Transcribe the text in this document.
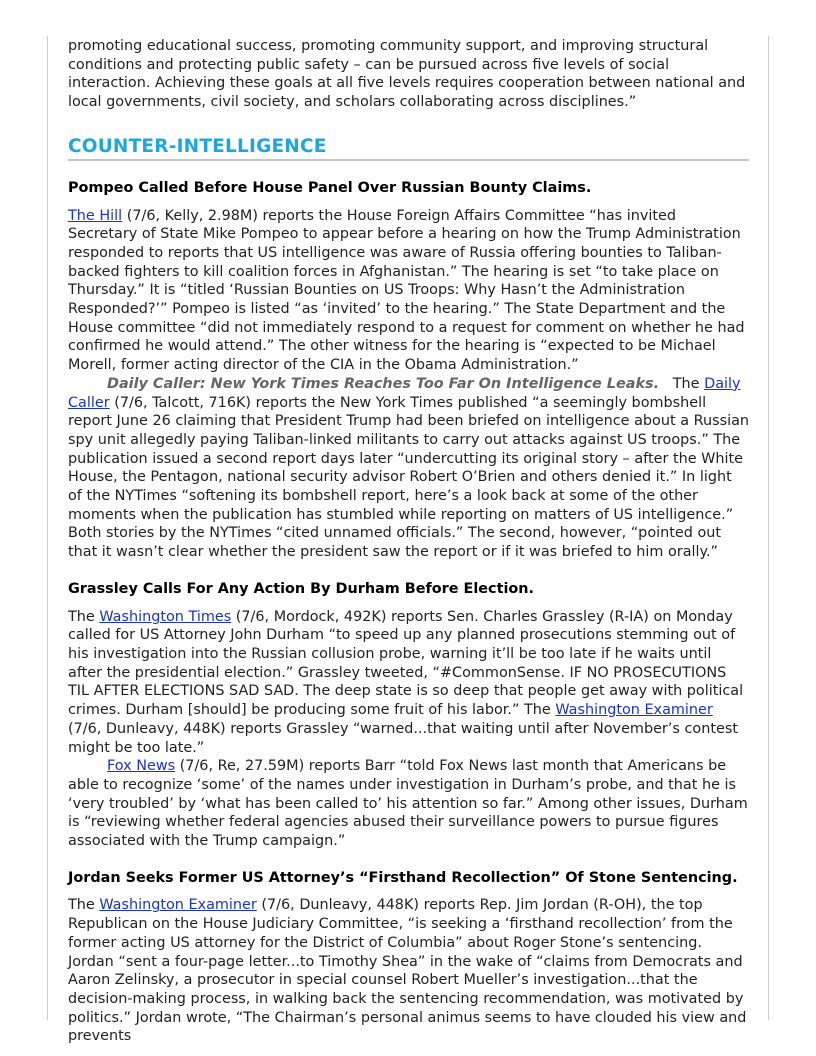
promoting educational success, promoting community support, and improving structural conditions and protecting public safety – can be pursued across five levels of social interaction. Achieving these goals at all five levels requires cooperation between national and local governments, civil society, and scholars collaborating across disciplines.”

COUNTER-INTELLIGENCE

Pompeo Called Before House Panel Over Russian Bounty Claims.

The Hill (7/6, Kelly, 2.98M) reports the House Foreign Affairs Committee “has invited Secretary of State Mike Pompeo to appear before a hearing on how the Trump Administration responded to reports that US intelligence was aware of Russia offering bounties to Taliban-backed fighters to kill coalition forces in Afghanistan.” The hearing is set “to take place on Thursday.” It is “titled ‘Russian Bounties on US Troops: Why Hasn’t the Administration Responded?’” Pompeo is listed “as ‘invited’ to the hearing.” The State Department and the House committee “did not immediately respond to a request for comment on whether he had confirmed he would attend.” The other witness for the hearing is “expected to be Michael Morell, former acting director of the CIA in the Obama Administration.”

Daily Caller: New York Times Reaches Too Far On Intelligence Leaks.   The Daily Caller (7/6, Talcott, 716K) reports the New York Times published “a seemingly bombshell report June 26 claiming that President Trump had been briefed on intelligence about a Russian spy unit allegedly paying Taliban-linked militants to carry out attacks against US troops.” The publication issued a second report days later “undercutting its original story – after the White House, the Pentagon, national security advisor Robert O’Brien and others denied it.” In light of the NYTimes “softening its bombshell report, here’s a look back at some of the other moments when the publication has stumbled while reporting on matters of US intelligence.” Both stories by the NYTimes “cited unnamed officials.” The second, however, “pointed out that it wasn’t clear whether the president saw the report or if it was briefed to him orally.”

Grassley Calls For Any Action By Durham Before Election.

The Washington Times (7/6, Mordock, 492K) reports Sen. Charles Grassley (R-IA) on Monday called for US Attorney John Durham “to speed up any planned prosecutions stemming out of his investigation into the Russian collusion probe, warning it’ll be too late if he waits until after the presidential election.” Grassley tweeted, “#CommonSense. IF NO PROSECUTIONS TIL AFTER ELECTIONS SAD SAD. The deep state is so deep that people get away with political crimes. Durham [should] be producing some fruit of his labor.” The Washington Examiner (7/6, Dunleavy, 448K) reports Grassley “warned...that waiting until after November’s contest might be too late.”

Fox News (7/6, Re, 27.59M) reports Barr “told Fox News last month that Americans be able to recognize ‘some’ of the names under investigation in Durham’s probe, and that he is ‘very troubled’ by ‘what has been called to’ his attention so far.” Among other issues, Durham is “reviewing whether federal agencies abused their surveillance powers to pursue figures associated with the Trump campaign.”

Jordan Seeks Former US Attorney’s “Firsthand Recollection” Of Stone Sentencing.

The Washington Examiner (7/6, Dunleavy, 448K) reports Rep. Jim Jordan (R-OH), the top Republican on the House Judiciary Committee, “is seeking a ‘firsthand recollection’ from the former acting US attorney for the District of Columbia” about Roger Stone’s sentencing. Jordan “sent a four-page letter...to Timothy Shea” in the wake of “claims from Democrats and Aaron Zelinsky, a prosecutor in special counsel Robert Mueller’s investigation...that the decision-making process, in walking back the sentencing recommendation, was motivated by politics.” Jordan wrote, “The Chairman’s personal animus seems to have clouded his view and prevents
